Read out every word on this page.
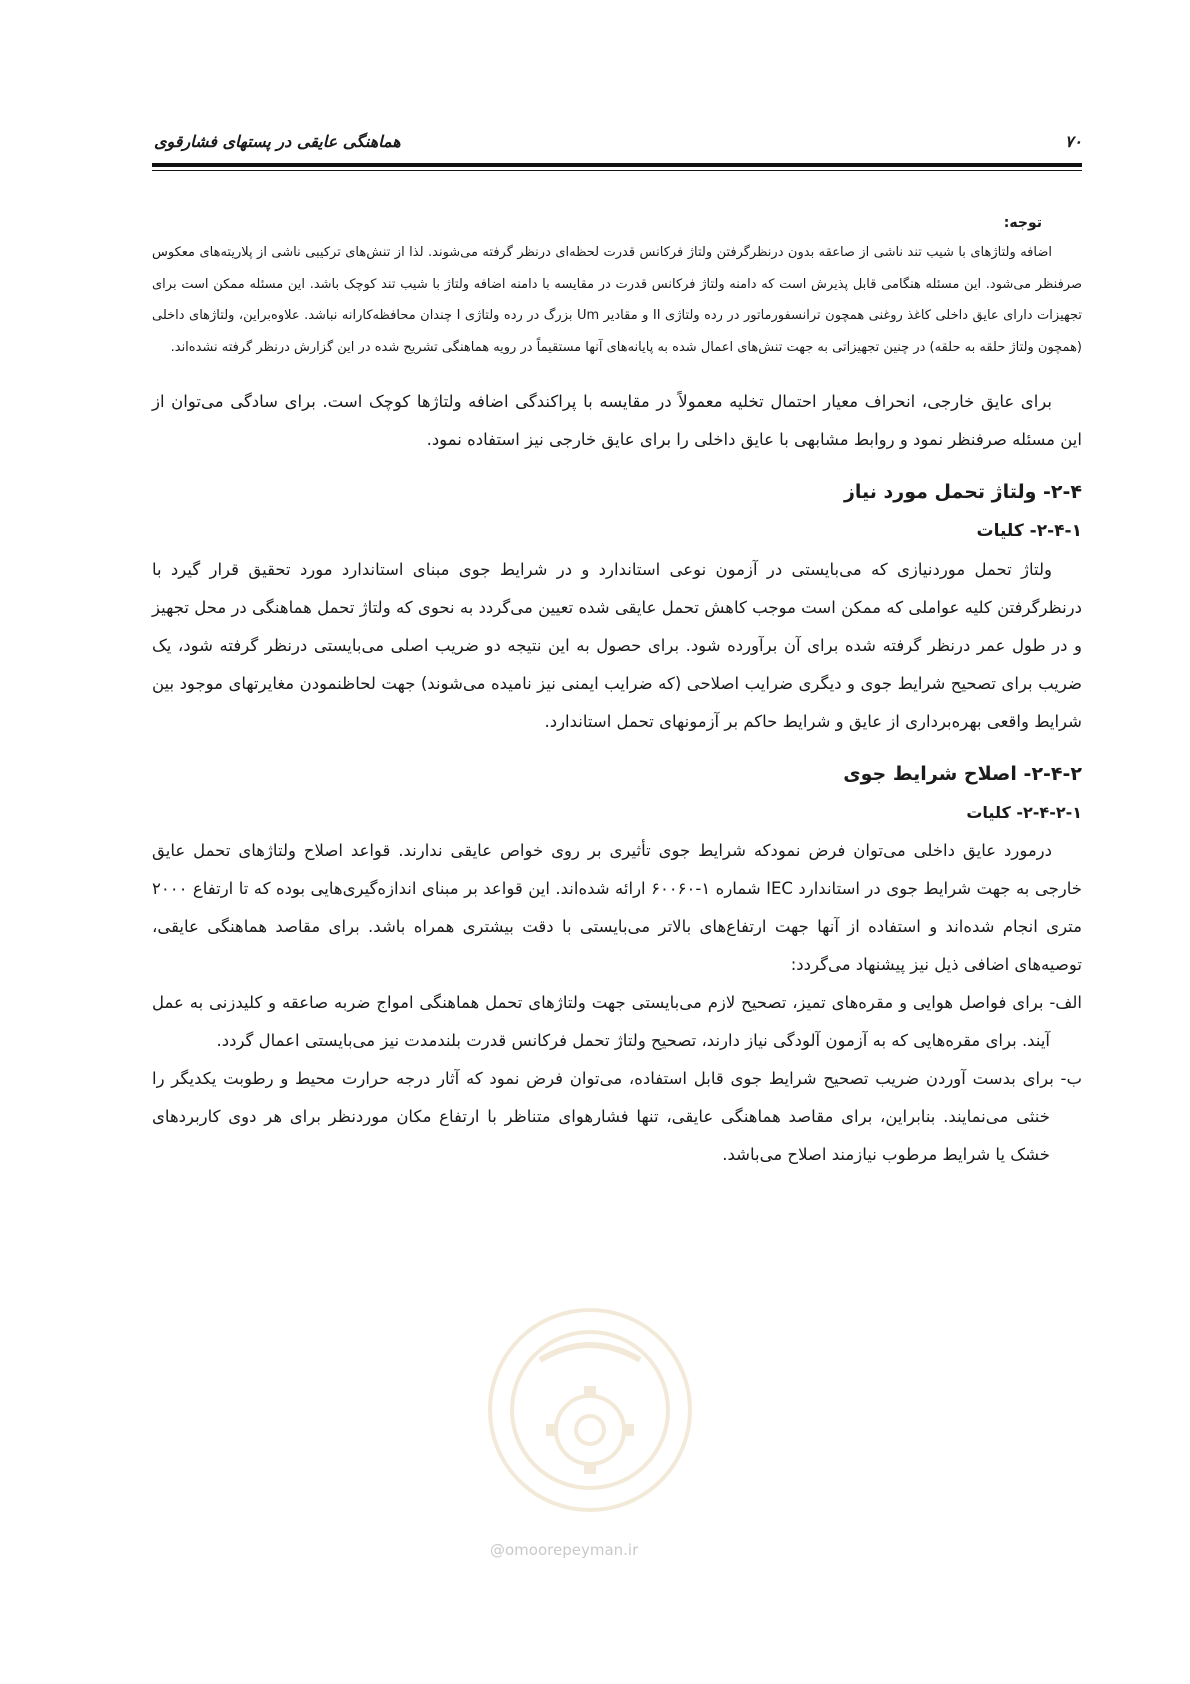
۷۰
هماهنگی عایقی در پستهای فشارقوی
توجه:

اضافه ولتاژهای با شیب تند ناشی از صاعقه بدون درنظرگرفتن ولتاژ فرکانس قدرت لحظه‌ای درنظر گرفته می‌شوند. لذا از تنش‌های ترکیبی ناشی از پلاریته‌های معکوس صرفنظر می‌شود. این مسئله هنگامی قابل پذیرش است که دامنه ولتاژ فرکانس قدرت در مقایسه با دامنه اضافه ولتاژ با شیب تند کوچک باشد. این مسئله ممکن است برای تجهیزات دارای عایق داخلی کاغذ روغنی همچون ترانسفورماتور در رده ولتاژی II و مقادیر Um بزرگ در رده ولتاژی I چندان محافظه‌کارانه نباشد. علاوه‌براین، ولتاژهای داخلی (همچون ولتاژ حلقه به حلقه) در چنین تجهیزاتی به جهت تنش‌های اعمال شده به پایانه‌های آنها مستقیماً در رویه هماهنگی تشریح شده در این گزارش درنظر گرفته نشده‌اند.

برای عایق خارجی، انحراف معیار احتمال تخلیه معمولاً در مقایسه با پراکندگی اضافه ولتاژها کوچک است. برای سادگی می‌توان از این مسئله صرفنظر نمود و روابط مشابهی با عایق داخلی را برای عایق خارجی نیز استفاده نمود.

۲-۴- ولتاژ تحمل مورد نیاز
۲-۴-۱- کلیات

ولتاژ تحمل موردنیازی که می‌بایستی در آزمون نوعی استاندارد و در شرایط جوی مبنای استاندارد مورد تحقیق قرار گیرد با درنظرگرفتن کلیه عواملی که ممکن است موجب کاهش تحمل عایقی شده تعیین می‌گردد به نحوی که ولتاژ تحمل هماهنگی در محل تجهیز و در طول عمر درنظر گرفته شده برای آن برآورده شود. برای حصول به این نتیجه دو ضریب اصلی می‌بایستی درنظر گرفته شود، یک ضریب برای تصحیح شرایط جوی و دیگری ضرایب اصلاحی (که ضرایب ایمنی نیز نامیده می‌شوند) جهت لحاظنمودن مغایرتهای موجود بین شرایط واقعی بهره‌برداری از عایق و شرایط حاکم بر آزمونهای تحمل استاندارد.

۲-۴-۲- اصلاح شرایط جوی
۲-۴-۲-۱- کلیات

درمورد عایق داخلی می‌توان فرض نمودکه شرایط جوی تأثیری بر روی خواص عایقی ندارند. قواعد اصلاح ولتاژهای تحمل عایق خارجی به جهت شرایط جوی در استاندارد IEC شماره ۱-۶۰۰۶۰ ارائه شده‌اند. این قواعد بر مبنای اندازه‌گیری‌هایی بوده که تا ارتفاع ۲۰۰۰ متری انجام شده‌اند و استفاده از آنها جهت ارتفاع‌های بالاتر می‌بایستی با دقت بیشتری همراه باشد. برای مقاصد هماهنگی عایقی، توصیه‌های اضافی ذیل نیز پیشنهاد می‌گردد:

الف- برای فواصل هوایی و مقره‌های تمیز، تصحیح لازم می‌بایستی جهت ولتاژهای تحمل هماهنگی امواج ضربه صاعقه و کلیدزنی به عمل آیند. برای مقره‌هایی که به آزمون آلودگی نیاز دارند، تصحیح ولتاژ تحمل فرکانس قدرت بلندمدت نیز می‌بایستی اعمال گردد.

ب- برای بدست آوردن ضریب تصحیح شرایط جوی قابل استفاده، می‌توان فرض نمود که آثار درجه حرارت محیط و رطوبت یکدیگر را خنثی می‌نمایند. بنابراین، برای مقاصد هماهنگی عایقی، تنها فشارهوای متناظر با ارتفاع مکان موردنظر برای هر دوی کاربردهای خشک یا شرایط مرطوب نیازمند اصلاح می‌باشد.

@omoorepeyman.ir
